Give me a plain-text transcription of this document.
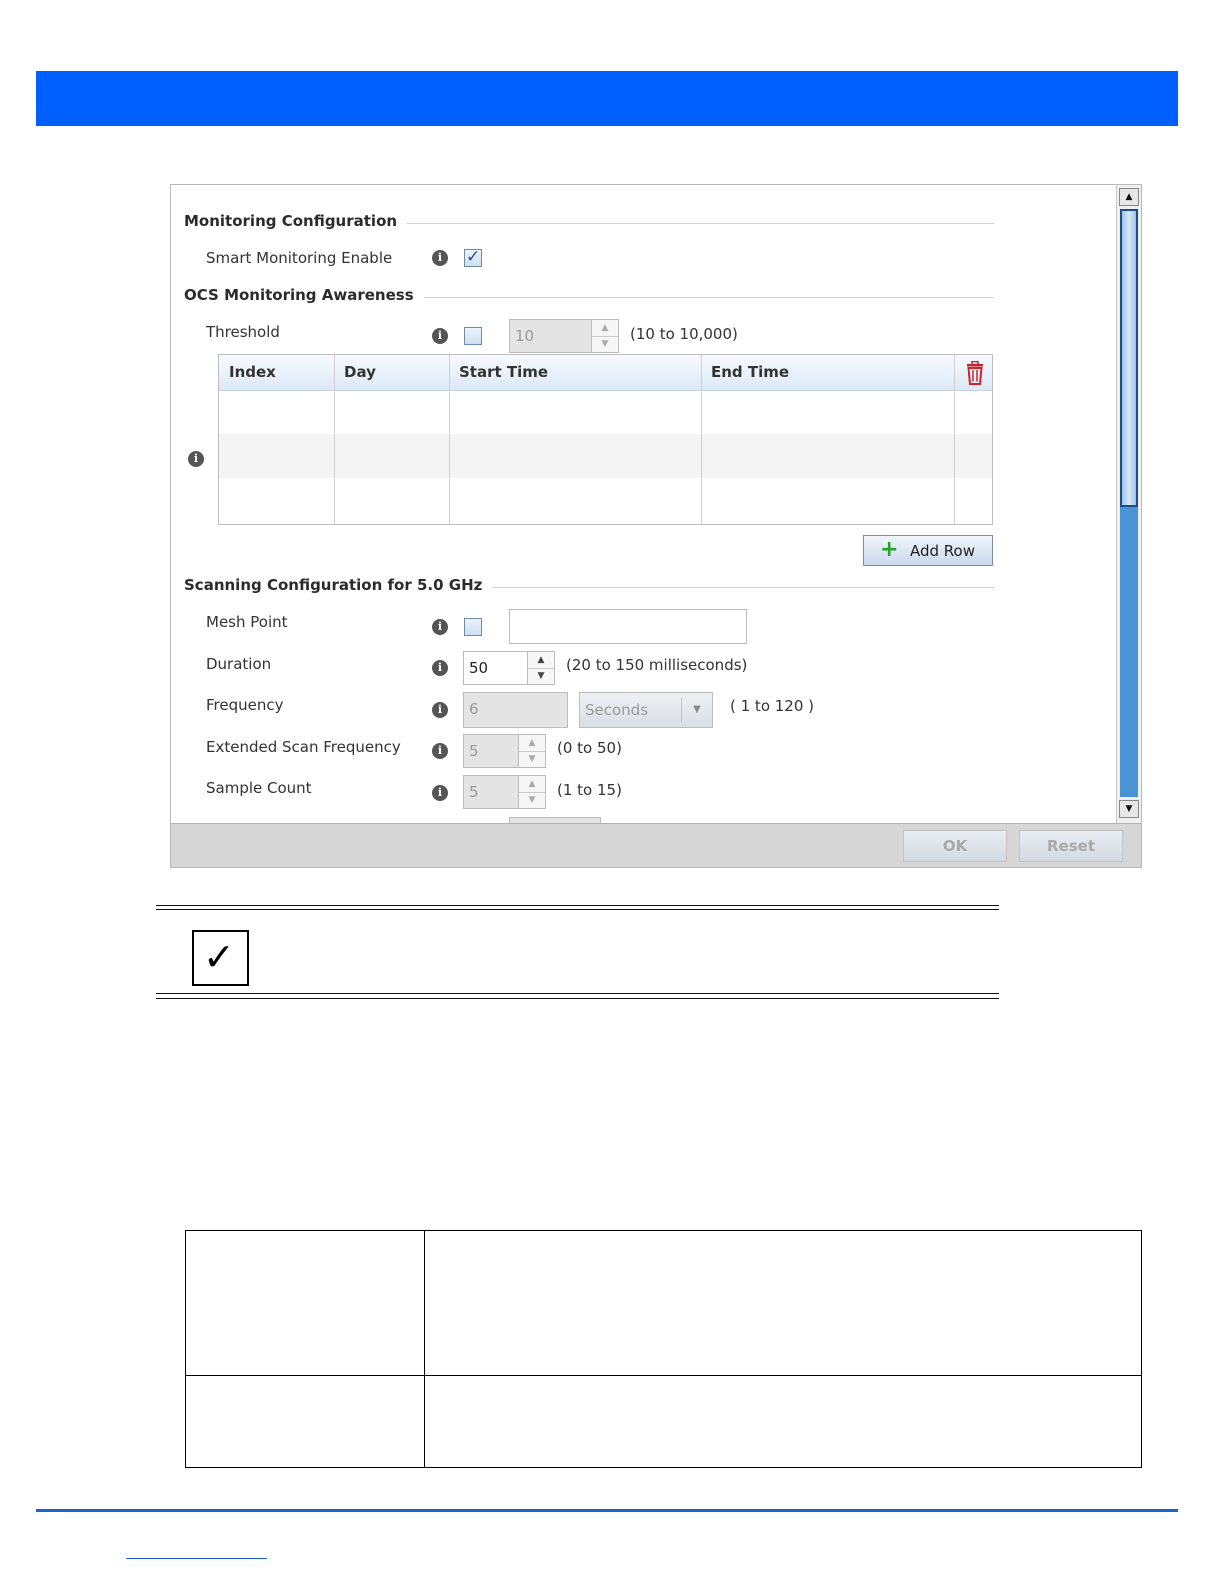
Monitoring Configuration
Smart Monitoring Enable	i	✓
OCS Monitoring Awareness
Threshold	i	10	▲
▼
(10 to 10,000)
i
Index	Day	Start Time	End Time
+ Add Row
Scanning Configuration for 5.0 GHz
Mesh Point	i
Duration	i	50	▲
▼
(20 to 150 milliseconds)
Frequency	i	6	Seconds	▼	( 1 to 120 )
Extended Scan Frequency	i	5	▲
▼
(0 to 50)
Sample Count	i	5	▲
▼
(1 to 15)
▲
▼
OK	Reset
✓
